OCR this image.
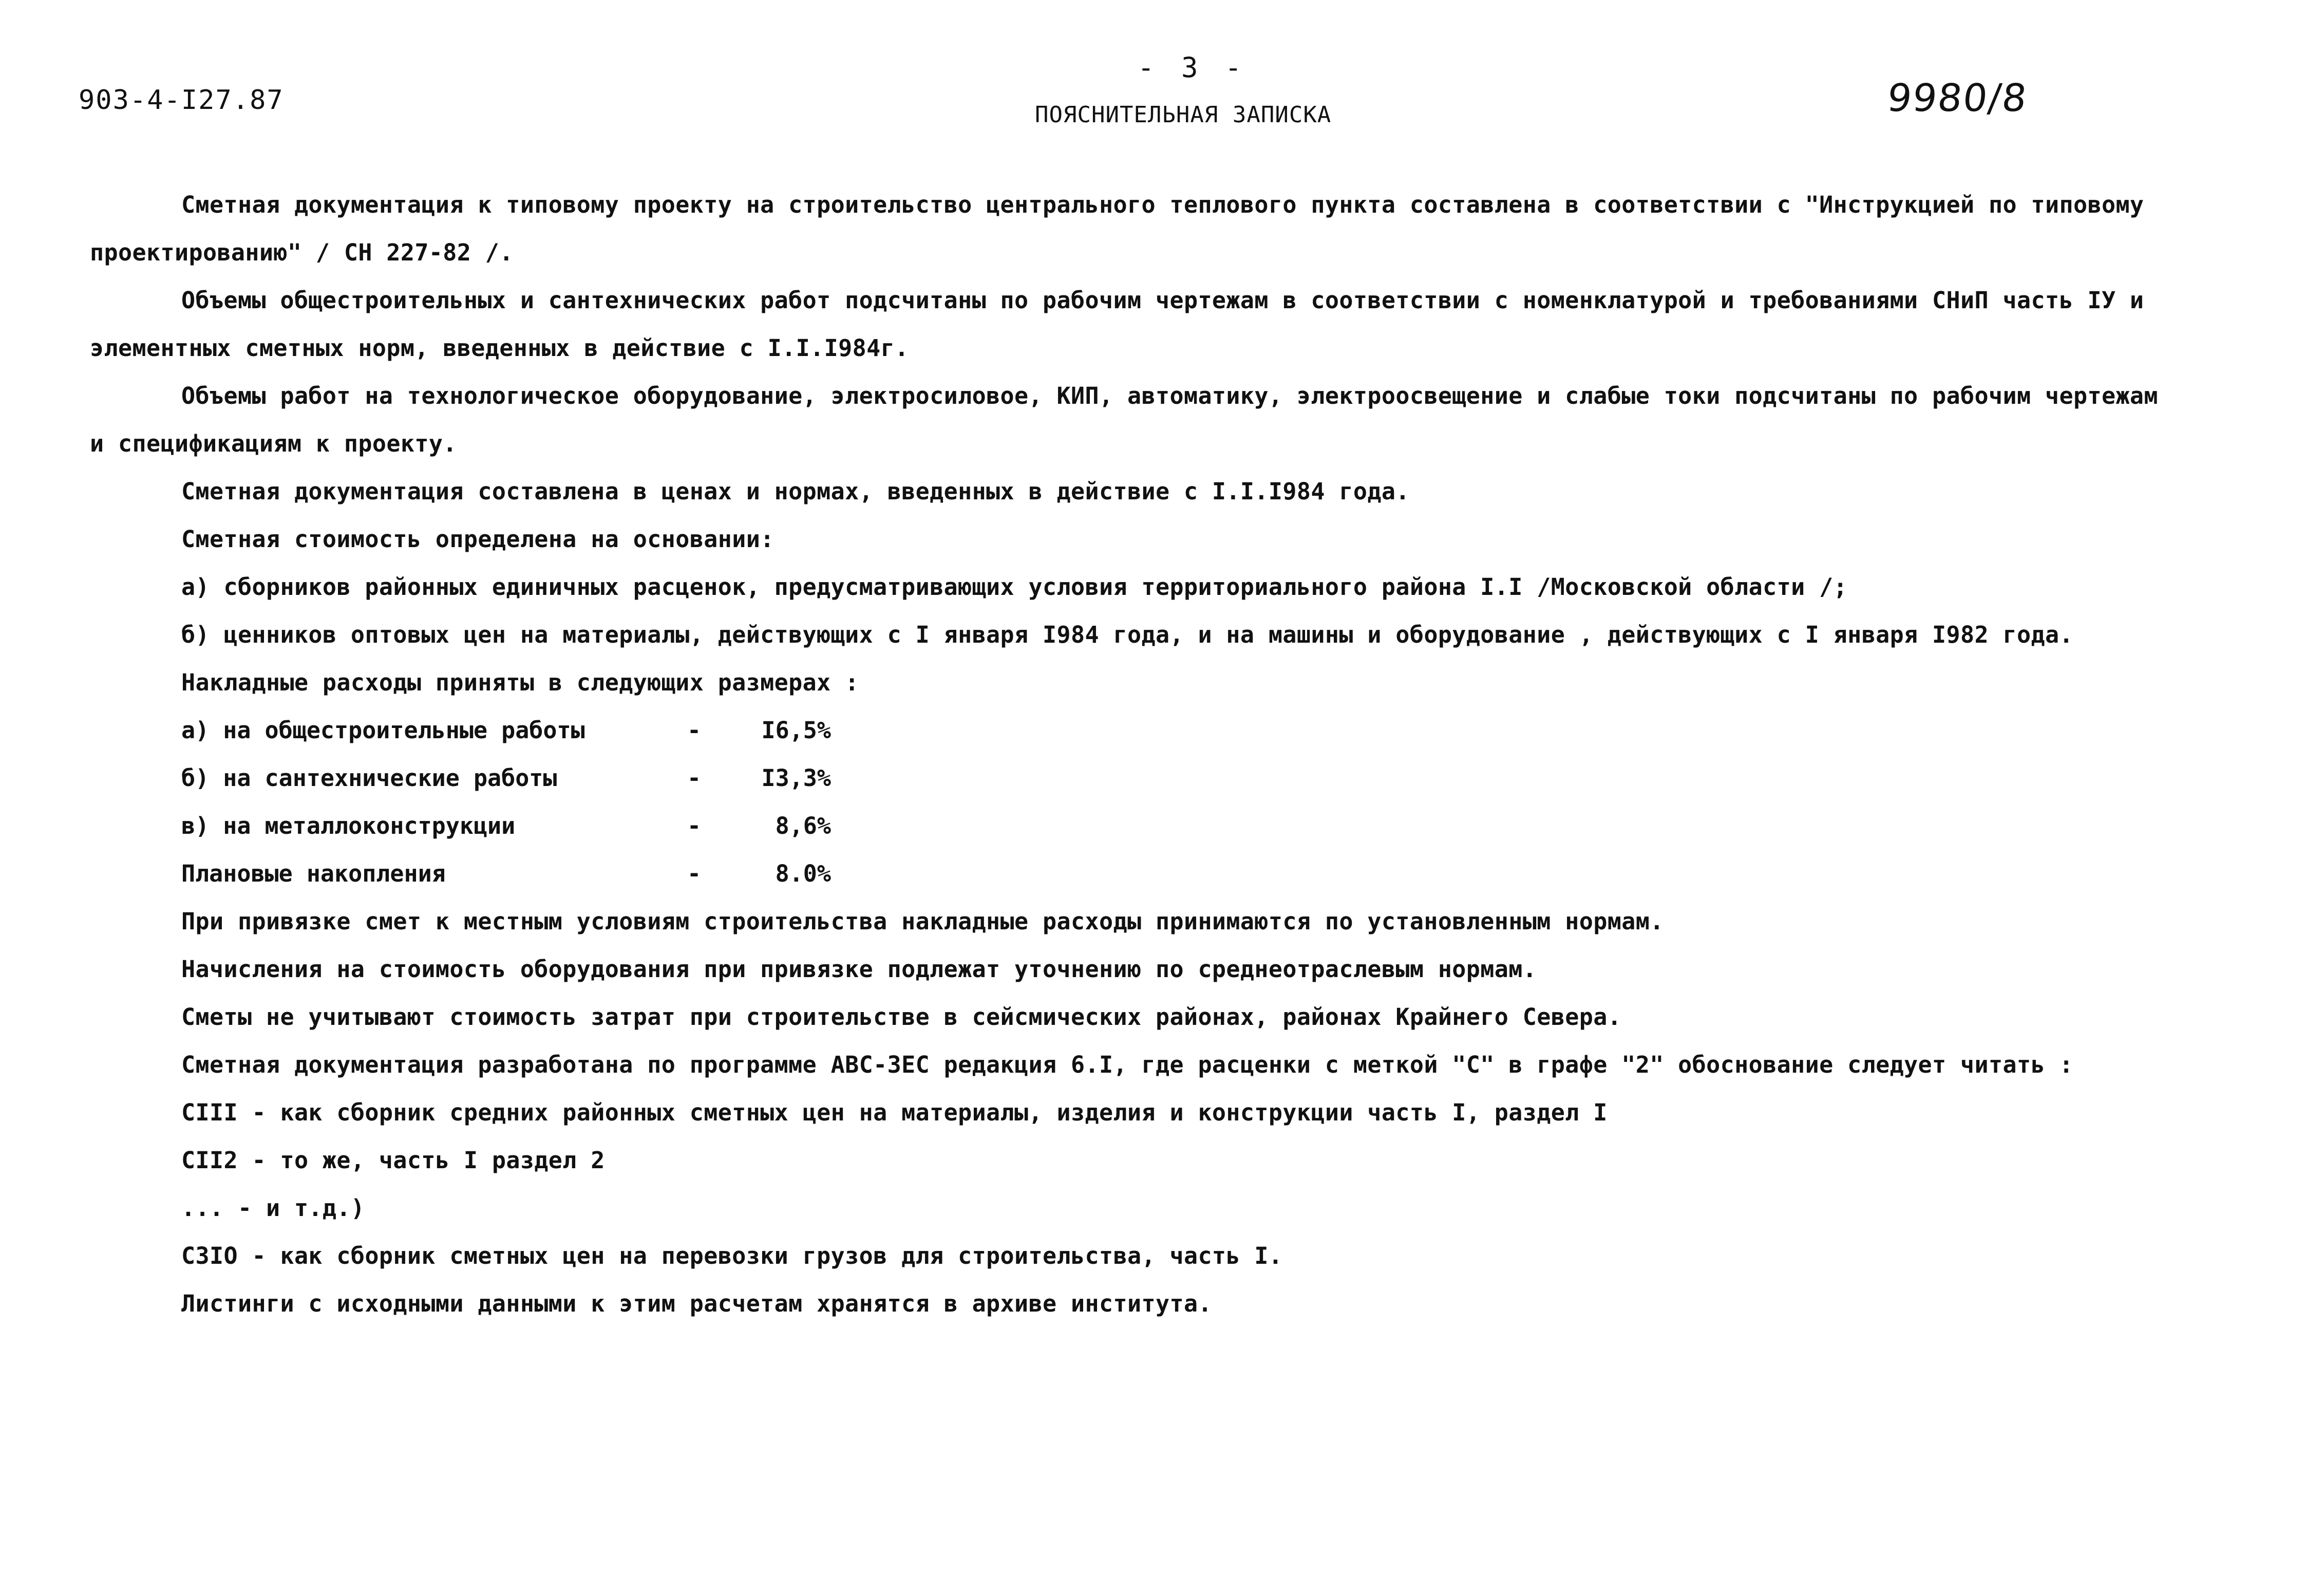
903-4-I27.87
- 3 -
ПОЯСНИТЕЛЬНАЯ ЗАПИСКА	9980/8
Сметная документация к типовому проекту на строительство центрального теплового пункта составлена в соответствии с "Инструкцией по типовому
проектированию" / СН 227-82 /.
Объемы общестроительных и сантехнических работ подсчитаны по рабочим чертежам в соответствии с номенклатурой и требованиями СНиП часть IУ и
элементных сметных норм, введенных в действие с I.I.I984г.
Объемы работ на технологическое оборудование, электросиловое, КИП, автоматику, электроосвещение и слабые токи подсчитаны по рабочим чертежам
и спецификациям к проекту.
Сметная документация составлена в ценах и нормах, введенных в действие с I.I.I984 года.
Сметная стоимость определена на основании:
а) сборников районных единичных расценок, предусматривающих условия территориального района I.I /Московской области /;
б) ценников оптовых цен на материалы, действующих с I января I984 года, и на машины и оборудование , действующих с I января I982 года.
Накладные расходы приняты в следующих размерах :
а) на общестроительные работы	-	I6,5%
б) на сантехнические работы	-	I3,3%
в) на металлоконструкции	-	8,6%
Плановые накопления	-	8.0%
При привязке смет к местным условиям строительства накладные расходы принимаются по установленным нормам.
Начисления на стоимость оборудования при привязке подлежат уточнению по среднеотраслевым нормам.
Сметы не учитывают стоимость затрат при строительстве в сейсмических районах, районах Крайнего Севера.
Сметная документация разработана по программе АВС-3ЕС редакция 6.I, где расценки с меткой "С" в графе "2" обоснование следует читать :
СIII - как сборник средних районных сметных цен на материалы, изделия и конструкции часть I, раздел I
СII2 - то же, часть I раздел 2
... - и т.д.)
С3IО - как сборник сметных цен на перевозки грузов для строительства, часть I.
Листинги с исходными данными к этим расчетам хранятся в архиве института.
